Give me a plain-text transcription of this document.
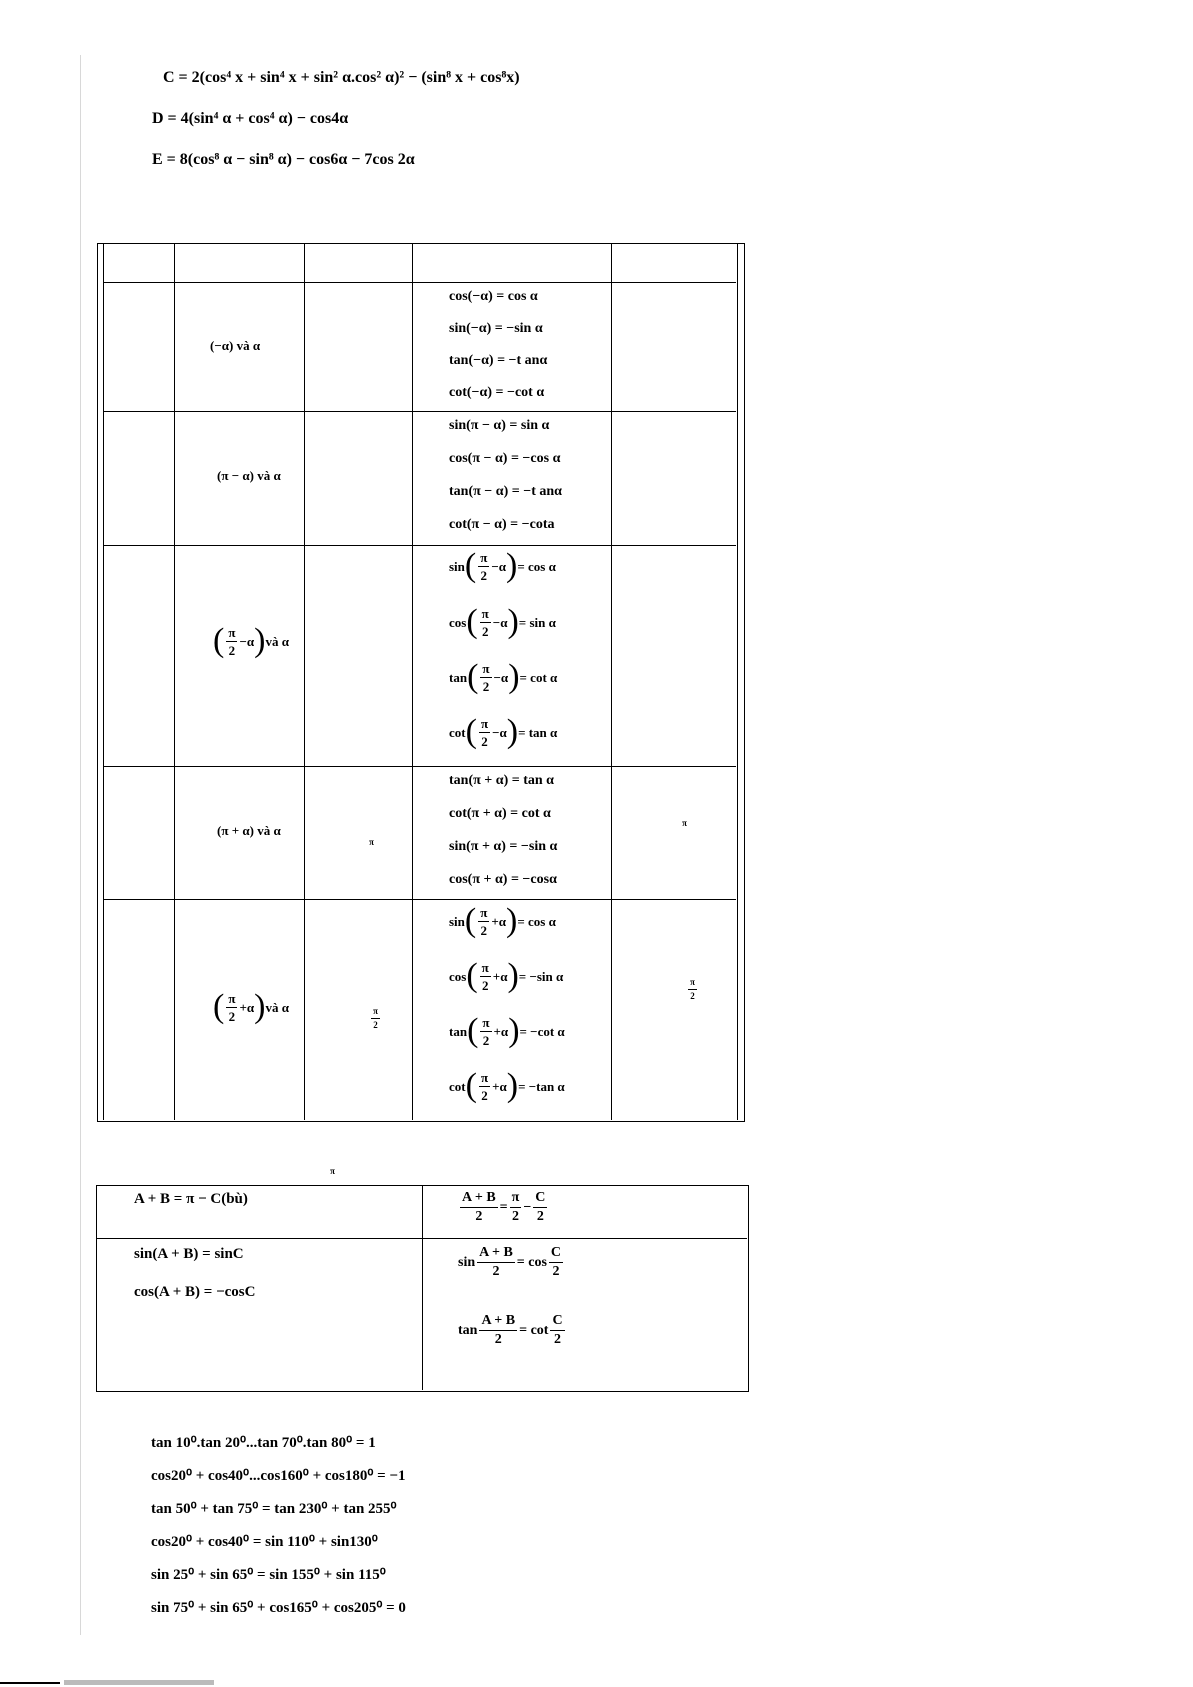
C = 2(cos⁴ x + sin⁴ x + sin² α.cos² α)² − (sin⁸ x + cos⁸x)
D = 4(sin⁴ α + cos⁴ α) − cos4α
E = 8(cos⁸ α − sin⁸ α) − cos6α − 7cos 2α
(−α) và α
cos(−α) = cos α
sin(−α) = −sin α
tan(−α) = −t anα
cot(−α) = −cot α
(π − α) và α
sin(π − α) = sin α
cos(π − α) = −cos α
tan(π − α) = −t anα
cot(π − α) = −cota
( $\frac{\pi}{2} -\alpha$ ) và α
sin ( $\frac{\pi}{2} -\alpha$ ) = cos α
cos ( $\frac{\pi}{2} -\alpha$ ) = sin α
tan ( $\frac{\pi}{2} -\alpha$ ) = cot α
cot ( $\frac{\pi}{2} -\alpha$ ) = tan α
(π + α) và α
π
tan(π + α) = tan α
cot(π + α) = cot α
sin(π + α) = −sin α
cos(π + α) = −cosα
π
( $\frac{\pi}{2} +\alpha$ ) và α	$\frac{\pi}{2}$
$\frac{\pi}{2}$
sin ( $\frac{\pi}{2} +\alpha$ ) = cos α
cos ( $\frac{\pi}{2} +\alpha$ ) = −sin α
tan ( $\frac{\pi}{2} +\alpha$ ) = −cot α
cot ( $\frac{\pi}{2} +\alpha$ ) = −tan α
π
A + B = π − C(bù)	$\frac{A + B}{2} = \frac{\pi}{2} - \frac{C}{2}$
sin(A + B) = sinC
cos(A + B) = −cosC
$\sin \frac{A + B}{2} = \cos \frac{C}{2}$
$\tan \frac{A + B}{2} = \cot \frac{C}{2}$
tan 10⁰.tan 20⁰...tan 70⁰.tan 80⁰ = 1
cos20⁰ + cos40⁰...cos160⁰ + cos180⁰ = −1
tan 50⁰ + tan 75⁰ = tan 230⁰ + tan 255⁰
cos20⁰ + cos40⁰ = sin 110⁰ + sin130⁰
sin 25⁰ + sin 65⁰ = sin 155⁰ + sin 115⁰
sin 75⁰ + sin 65⁰ + cos165⁰ + cos205⁰ = 0
